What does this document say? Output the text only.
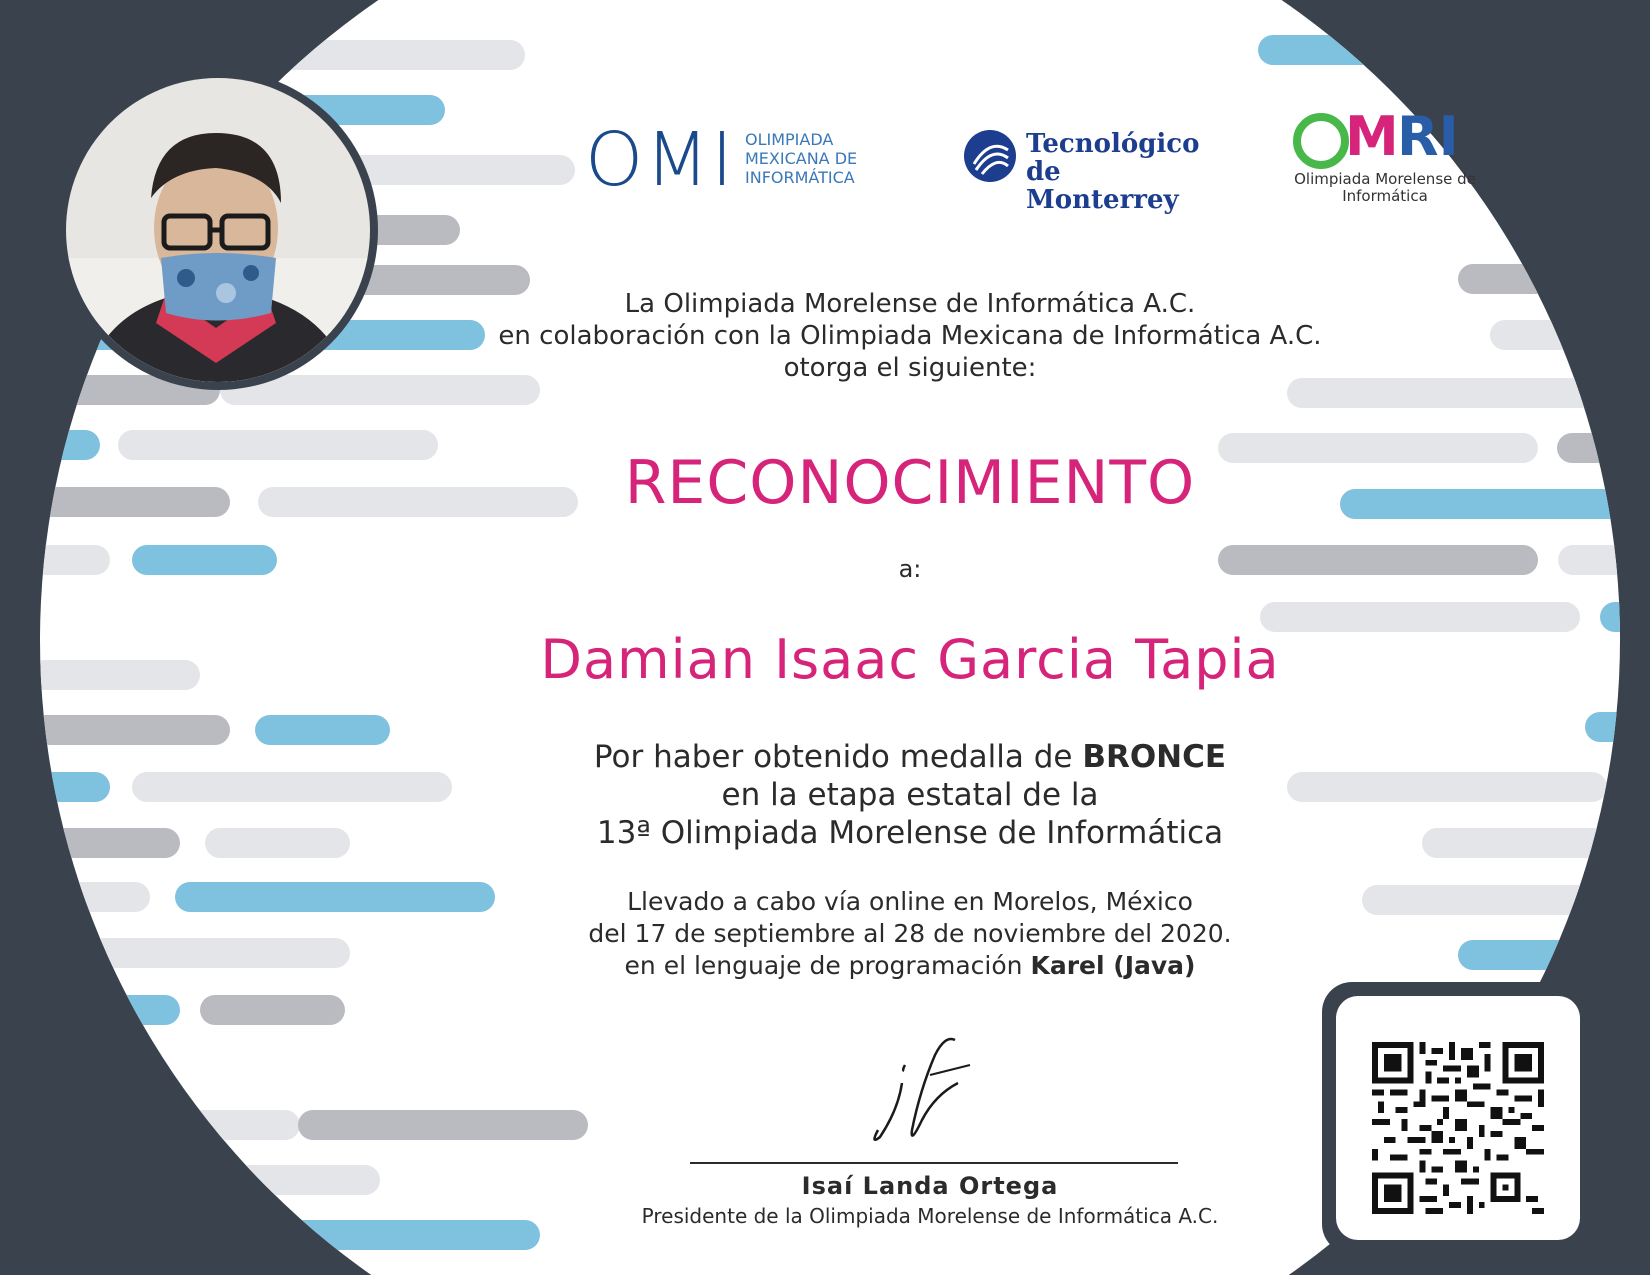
OMI OLIMPIADA
MEXICANA DE
INFORMÁTICA
Tecnológico
de Monterrey
M
RI
Olimpiada Morelense de
Informática
La Olimpiada Morelense de Informática A.C.
en colaboración con la Olimpiada Mexicana de Informática A.C.
otorga el siguiente:
RECONOCIMIENTO
a:
Damian Isaac Garcia Tapia
Por haber obtenido medalla de BRONCE
en la etapa estatal de la
13ª Olimpiada Morelense de Informática
Llevado a cabo vía online en Morelos, México
del 17 de septiembre al 28 de noviembre del 2020.
en el lenguaje de programación Karel (Java)
Isaí Landa Ortega
Presidente de la Olimpiada Morelense de Informática A.C.
